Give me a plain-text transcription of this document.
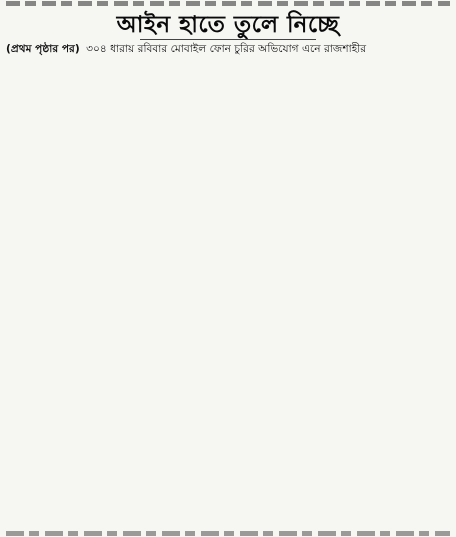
আইন হাতে তুলে নিচ্ছে
(প্রথম পৃষ্ঠার পর) ৩০৪ ধারায় রবিবার মোবাইল ফোন চুরির অভিযোগ এনে রাজশাহীর
